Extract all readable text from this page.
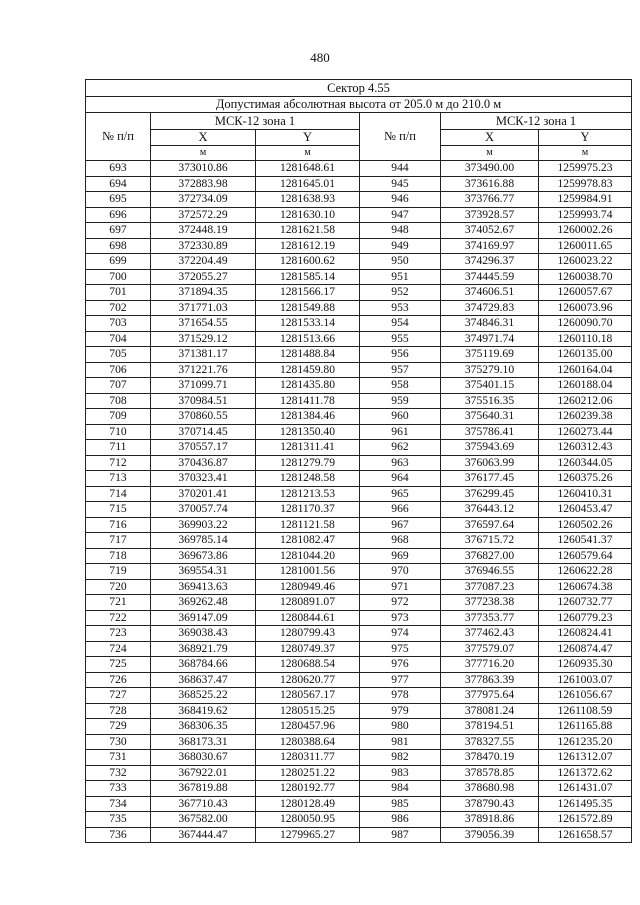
480
Сектор 4.55					
Допустимая абсолютная высота от 205.0 м до 210.0 м					
№ п/п	МСК-12 зона 1		№ п/п	МСК-12 зона 1	
	X	Y		X	Y
	м	м		м	м
693	373010.86	1281648.61	944	373490.00	1259975.23
694	372883.98	1281645.01	945	373616.88	1259978.83
695	372734.09	1281638.93	946	373766.77	1259984.91
696	372572.29	1281630.10	947	373928.57	1259993.74
697	372448.19	1281621.58	948	374052.67	1260002.26
698	372330.89	1281612.19	949	374169.97	1260011.65
699	372204.49	1281600.62	950	374296.37	1260023.22
700	372055.27	1281585.14	951	374445.59	1260038.70
701	371894.35	1281566.17	952	374606.51	1260057.67
702	371771.03	1281549.88	953	374729.83	1260073.96
703	371654.55	1281533.14	954	374846.31	1260090.70
704	371529.12	1281513.66	955	374971.74	1260110.18
705	371381.17	1281488.84	956	375119.69	1260135.00
706	371221.76	1281459.80	957	375279.10	1260164.04
707	371099.71	1281435.80	958	375401.15	1260188.04
708	370984.51	1281411.78	959	375516.35	1260212.06
709	370860.55	1281384.46	960	375640.31	1260239.38
710	370714.45	1281350.40	961	375786.41	1260273.44
711	370557.17	1281311.41	962	375943.69	1260312.43
712	370436.87	1281279.79	963	376063.99	1260344.05
713	370323.41	1281248.58	964	376177.45	1260375.26
714	370201.41	1281213.53	965	376299.45	1260410.31
715	370057.74	1281170.37	966	376443.12	1260453.47
716	369903.22	1281121.58	967	376597.64	1260502.26
717	369785.14	1281082.47	968	376715.72	1260541.37
718	369673.86	1281044.20	969	376827.00	1260579.64
719	369554.31	1281001.56	970	376946.55	1260622.28
720	369413.63	1280949.46	971	377087.23	1260674.38
721	369262.48	1280891.07	972	377238.38	1260732.77
722	369147.09	1280844.61	973	377353.77	1260779.23
723	369038.43	1280799.43	974	377462.43	1260824.41
724	368921.79	1280749.37	975	377579.07	1260874.47
725	368784.66	1280688.54	976	377716.20	1260935.30
726	368637.47	1280620.77	977	377863.39	1261003.07
727	368525.22	1280567.17	978	377975.64	1261056.67
728	368419.62	1280515.25	979	378081.24	1261108.59
729	368306.35	1280457.96	980	378194.51	1261165.88
730	368173.31	1280388.64	981	378327.55	1261235.20
731	368030.67	1280311.77	982	378470.19	1261312.07
732	367922.01	1280251.22	983	378578.85	1261372.62
733	367819.88	1280192.77	984	378680.98	1261431.07
734	367710.43	1280128.49	985	378790.43	1261495.35
735	367582.00	1280050.95	986	378918.86	1261572.89
736	367444.47	1279965.27	987	379056.39	1261658.57
